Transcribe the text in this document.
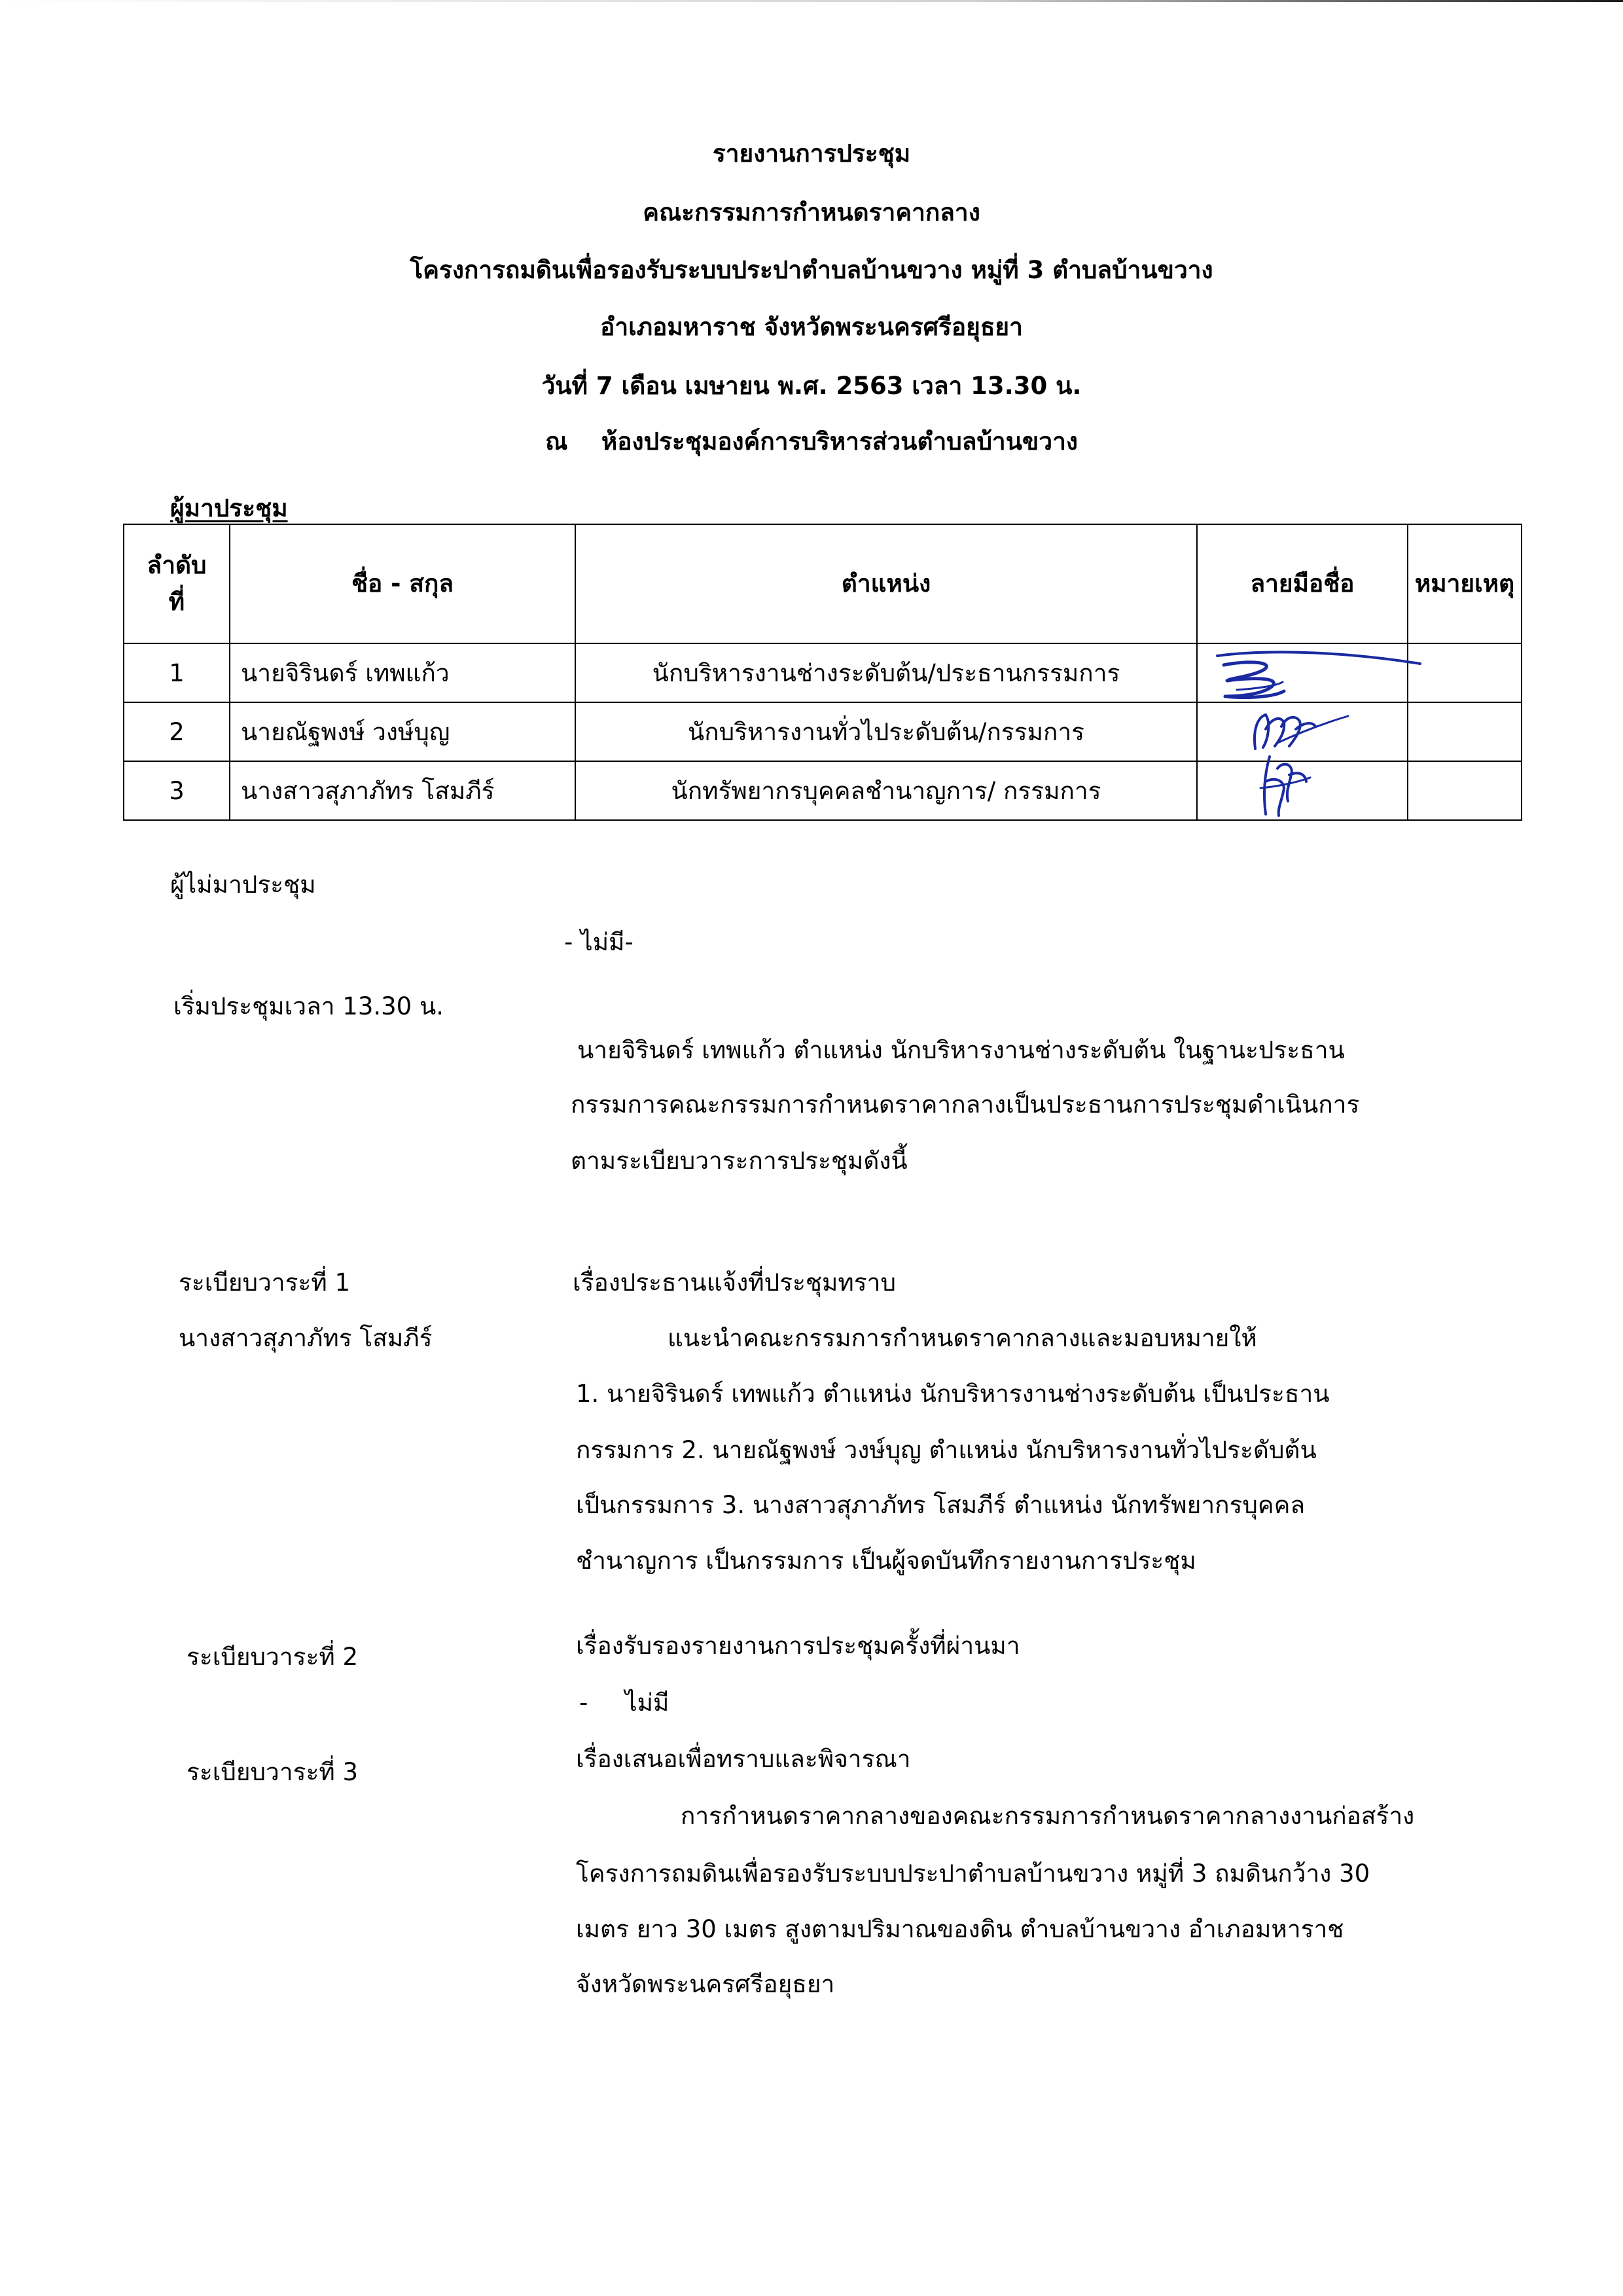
รายงานการประชุม
คณะกรรมการกำหนดราคากลาง
โครงการถมดินเพื่อรองรับระบบประปาตำบลบ้านขวาง หมู่ที่ 3 ตำบลบ้านขวาง
อำเภอมหาราช จังหวัดพระนครศรีอยุธยา
วันที่ 7 เดือน เมษายน พ.ศ. 2563 เวลา 13.30 น.
ณ ห้องประชุมองค์การบริหารส่วนตำบลบ้านขวาง
ผู้มาประชุม
ลำดับ
ที่	ชื่อ - สกุล	ตำแหน่ง	ลายมือชื่อ	หมายเหตุ
1	นายจิรินดร์ เทพแก้ว	นักบริหารงานช่างระดับต้น/ประธานกรรมการ	

2	นายณัฐพงษ์ วงษ์บุญ	นักบริหารงานทั่วไประดับต้น/กรรมการ	

3	นางสาวสุภาภัทร โสมภีร์	นักทรัพยากรบุคคลชำนาญการ/ กรรมการ	

ผู้ไม่มาประชุม
- ไม่มี-
เริ่มประชุมเวลา 13.30 น.
นายจิรินดร์ เทพแก้ว ตำแหน่ง นักบริหารงานช่างระดับต้น ในฐานะประธาน
กรรมการคณะกรรมการกำหนดราคากลางเป็นประธานการประชุมดำเนินการ
ตามระเบียบวาระการประชุมดังนี้
ระเบียบวาระที่ 1
นางสาวสุภาภัทร โสมภีร์
เรื่องประธานแจ้งที่ประชุมทราบ
แนะนำคณะกรรมการกำหนดราคากลางและมอบหมายให้
1. นายจิรินดร์ เทพแก้ว ตำแหน่ง นักบริหารงานช่างระดับต้น เป็นประธาน
กรรมการ 2. นายณัฐพงษ์ วงษ์บุญ ตำแหน่ง นักบริหารงานทั่วไประดับต้น
เป็นกรรมการ 3. นางสาวสุภาภัทร โสมภีร์ ตำแหน่ง นักทรัพยากรบุคคล
ชำนาญการ เป็นกรรมการ เป็นผู้จดบันทึกรายงานการประชุม
ระเบียบวาระที่ 2	เรื่องรับรองรายงานการประชุมครั้งที่ผ่านมา
- ไม่มี
ระเบียบวาระที่ 3	เรื่องเสนอเพื่อทราบและพิจารณา
การกำหนดราคากลางของคณะกรรมการกำหนดราคากลางงานก่อสร้าง
โครงการถมดินเพื่อรองรับระบบประปาตำบลบ้านขวาง หมู่ที่ 3 ถมดินกว้าง 30
เมตร ยาว 30 เมตร สูงตามปริมาณของดิน ตำบลบ้านขวาง อำเภอมหาราช
จังหวัดพระนครศรีอยุธยา
